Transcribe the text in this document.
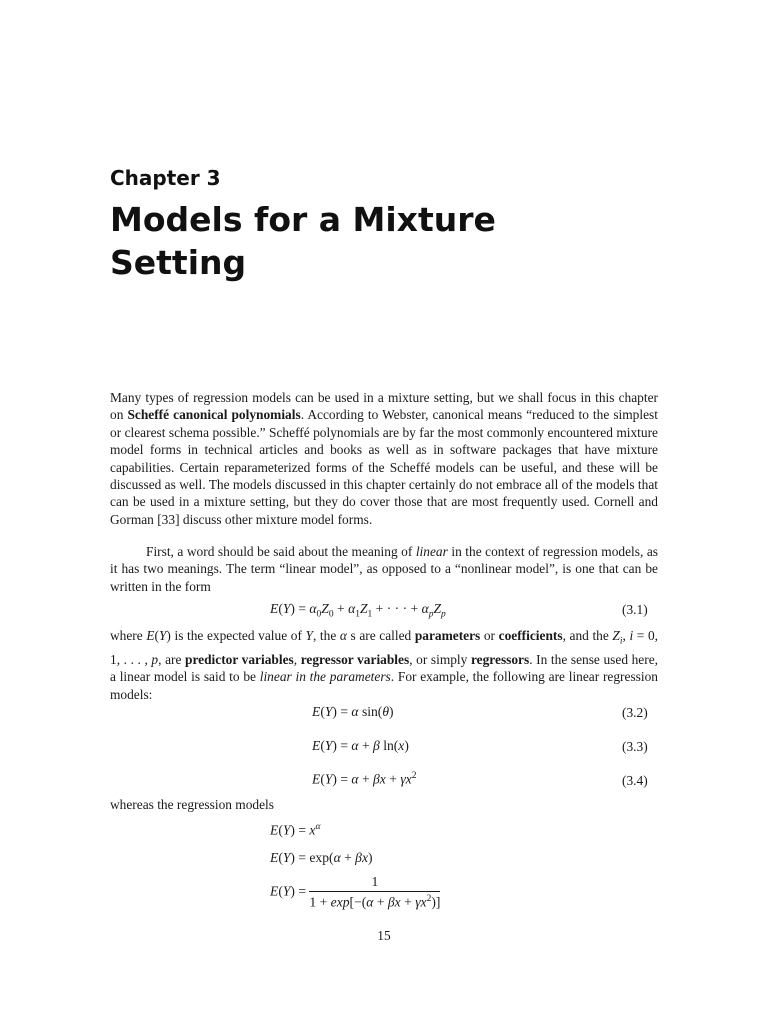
Chapter 3
Models for a Mixture Setting

Many types of regression models can be used in a mixture setting, but we shall focus in this chapter on Scheffé canonical polynomials. According to Webster, canonical means “reduced to the simplest or clearest schema possible.” Scheffé polynomials are by far the most commonly encountered mixture model forms in technical articles and books as well as in software packages that have mixture capabilities. Certain reparameterized forms of the Scheffé models can be useful, and these will be discussed as well. The models discussed in this chapter certainly do not embrace all of the models that can be used in a mixture setting, but they do cover those that are most frequently used. Cornell and Gorman [33] discuss other mixture model forms.

First, a word should be said about the meaning of linear in the context of regression models, as it has two meanings. The term “linear model”, as opposed to a “nonlinear model”, is one that can be written in the form

$E(Y) = \alpha_0Z_0 + \alpha_1Z_1$ + · · · + $\alpha_pZ_p$	(3.1)

where E(Y) is the expected value of Y, the α s are called parameters or coefficients, and the $Z_i$, i = 0, 1, . . . , p, are predictor variables, regressor variables, or simply regressors. In the sense used here, a linear model is said to be linear in the parameters. For example, the following are linear regression models:

E(Y) = α sin(θ)	(3.2)
E(Y) = α + β ln(x)	(3.3)
$E(Y) = \alpha + \beta x + \gamma x^2$	(3.4)

whereas the regression models

$E(Y) = x^\alpha$
E(Y) = exp(α + βx)
$E(Y) = \frac{1}{1 + \exp[-(\alpha + \beta x + \gamma x^2)]}$
15
